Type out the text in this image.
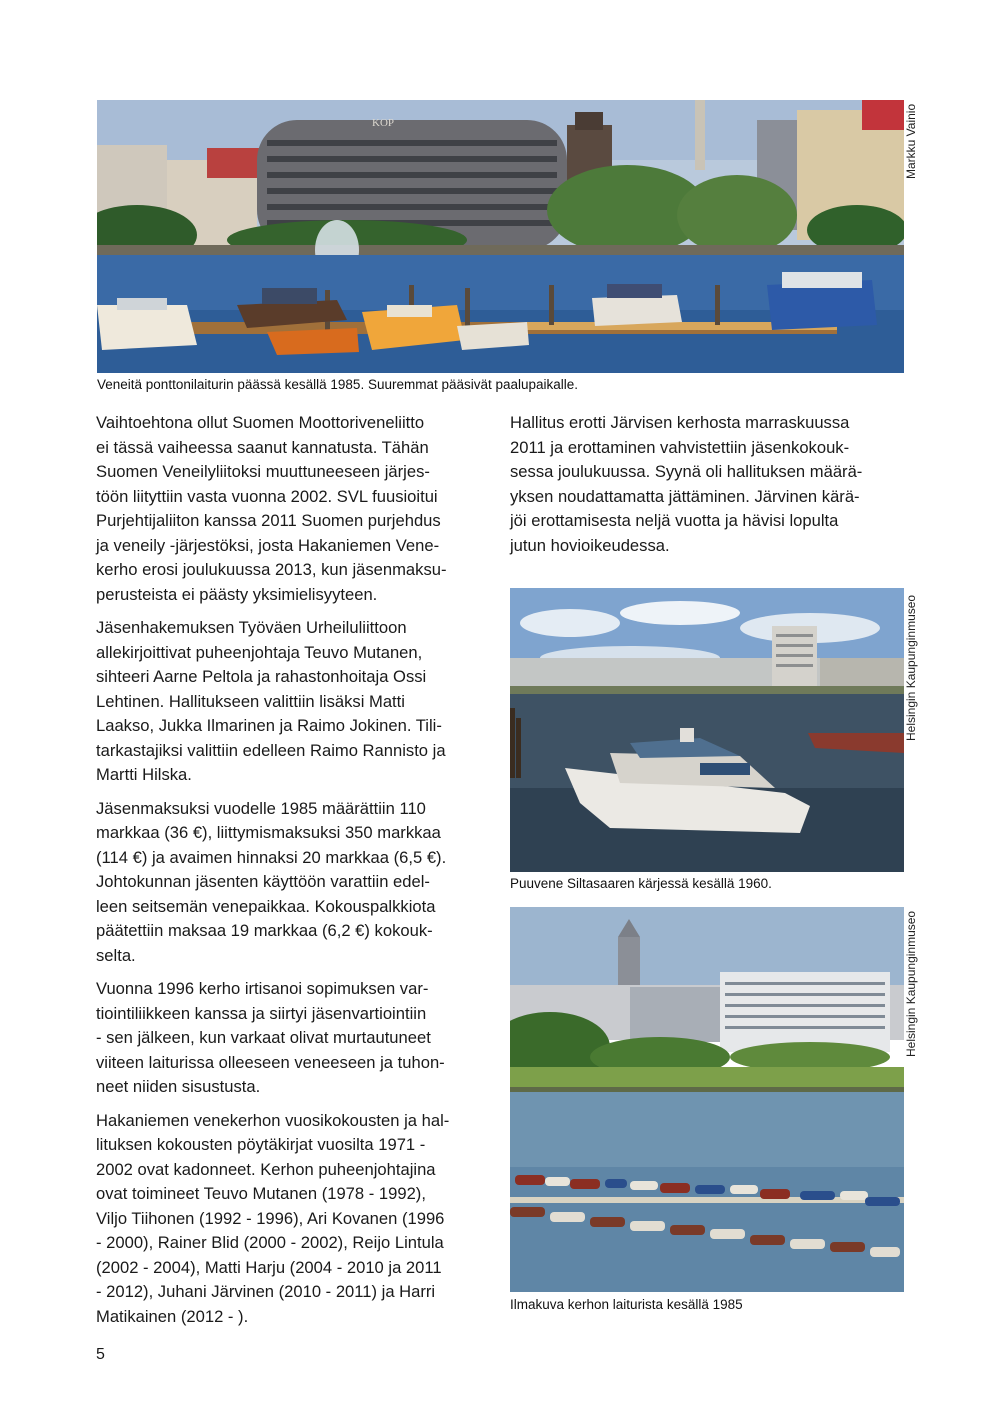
KOP	Markku Vainio
Veneitä ponttonilaiturin päässä kesällä 1985. Suuremmat pääsivät paalupaikalle.

Vaihtoehtona ollut Suomen Moottoriveneliitto
ei tässä vaiheessa saanut kannatusta. Tähän
Suomen Veneilyliitoksi muuttuneeseen järjes-
töön liityttiin vasta vuonna 2002. SVL fuusioitui
Purjehtijaliiton kanssa 2011 Suomen purjehdus
ja veneily -järjestöksi, josta Hakaniemen Vene-
kerho erosi joulukuussa 2013, kun jäsenmaksu-
perusteista ei päästy yksimielisyyteen.

Jäsenhakemuksen Työväen Urheiluliittoon
allekirjoittivat puheenjohtaja Teuvo Mutanen,
sihteeri Aarne Peltola ja rahastonhoitaja Ossi
Lehtinen. Hallitukseen valittiin lisäksi Matti
Laakso, Jukka Ilmarinen ja Raimo Jokinen. Tili-
tarkastajiksi valittiin edelleen Raimo Rannisto ja
Martti Hilska.

Jäsenmaksuksi vuodelle 1985 määrättiin 110
markkaa (36 €), liittymismaksuksi 350 markkaa
(114 €) ja avaimen hinnaksi 20 markkaa (6,5 €).
Johtokunnan jäsenten käyttöön varattiin edel-
leen seitsemän venepaikkaa. Kokouspalkkiota
päätettiin maksaa 19 markkaa (6,2 €) kokouk-
selta.

Vuonna 1996 kerho irtisanoi sopimuksen var-
tiointiliikkeen kanssa ja siirtyi jäsenvartiointiin
- sen jälkeen, kun varkaat olivat murtautuneet
viiteen laiturissa olleeseen veneeseen ja tuhon-
neet niiden sisustusta.

Hakaniemen venekerhon vuosikokousten ja hal-
lituksen kokousten pöytäkirjat vuosilta 1971 -
2002 ovat kadonneet. Kerhon puheenjohtajina
ovat toimineet Teuvo Mutanen (1978 - 1992),
Viljo Tiihonen (1992 - 1996), Ari Kovanen (1996
- 2000), Rainer Blid (2000 - 2002), Reijo Lintula
(2002 - 2004), Matti Harju (2004 - 2010 ja 2011
- 2012), Juhani Järvinen (2010 - 2011) ja Harri
Matikainen (2012 - ).

Hallitus erotti Järvisen kerhosta marraskuussa
2011 ja erottaminen vahvistettiin jäsenkokouk-
sessa joulukuussa. Syynä oli hallituksen määrä-
yksen noudattamatta jättäminen. Järvinen kärä-
jöi erottamisesta neljä vuotta ja hävisi lopulta
jutun hovioikeudessa.

Helsingin Kaupunginmuseo
Puuvene Siltasaaren kärjessä kesällä 1960.
Helsingin Kaupunginmuseo
Ilmakuva kerhon laiturista kesällä 1985
5
